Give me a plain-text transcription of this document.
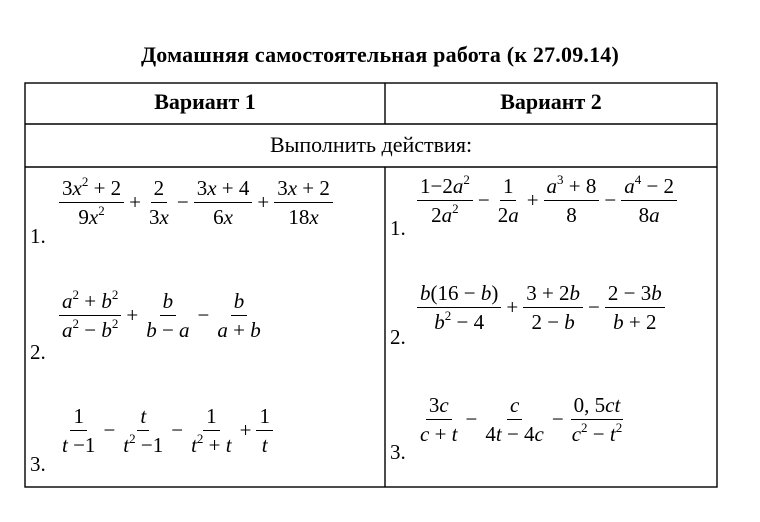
Домашняя самостоятельная работа (к 27.09.14)
Вариант 1	Вариант 2
Выполнить действия:
1.
$\frac{3x^2 + 2}{9x^2} + \frac{2}{3x} - \frac{3x + 4}{6x} + \frac{3x + 2}{18x}$
2.
$\frac{a^2 + b^2}{a^2 - b^2} + \frac{b}{b - a} - \frac{b}{a + b}$
3.
$\frac{1}{t -1} - \frac{t}{t^2 -1} - \frac{1}{t^2 + t} + \frac{1}{t}$
1.
$\frac{1-2a^2}{2a^2} - \frac{1}{2a} + \frac{a^3 + 8}{8} - \frac{a^4 - 2}{8a}$
2.
$\frac{b(16 - b)}{b^2 - 4} + \frac{3 + 2b}{2 - b} - \frac{2 - 3b}{b + 2}$
3.
$\frac{3c}{c + t} - \frac{c}{4t - 4c} - \frac{0, 5ct}{c^2 - t^2}$
